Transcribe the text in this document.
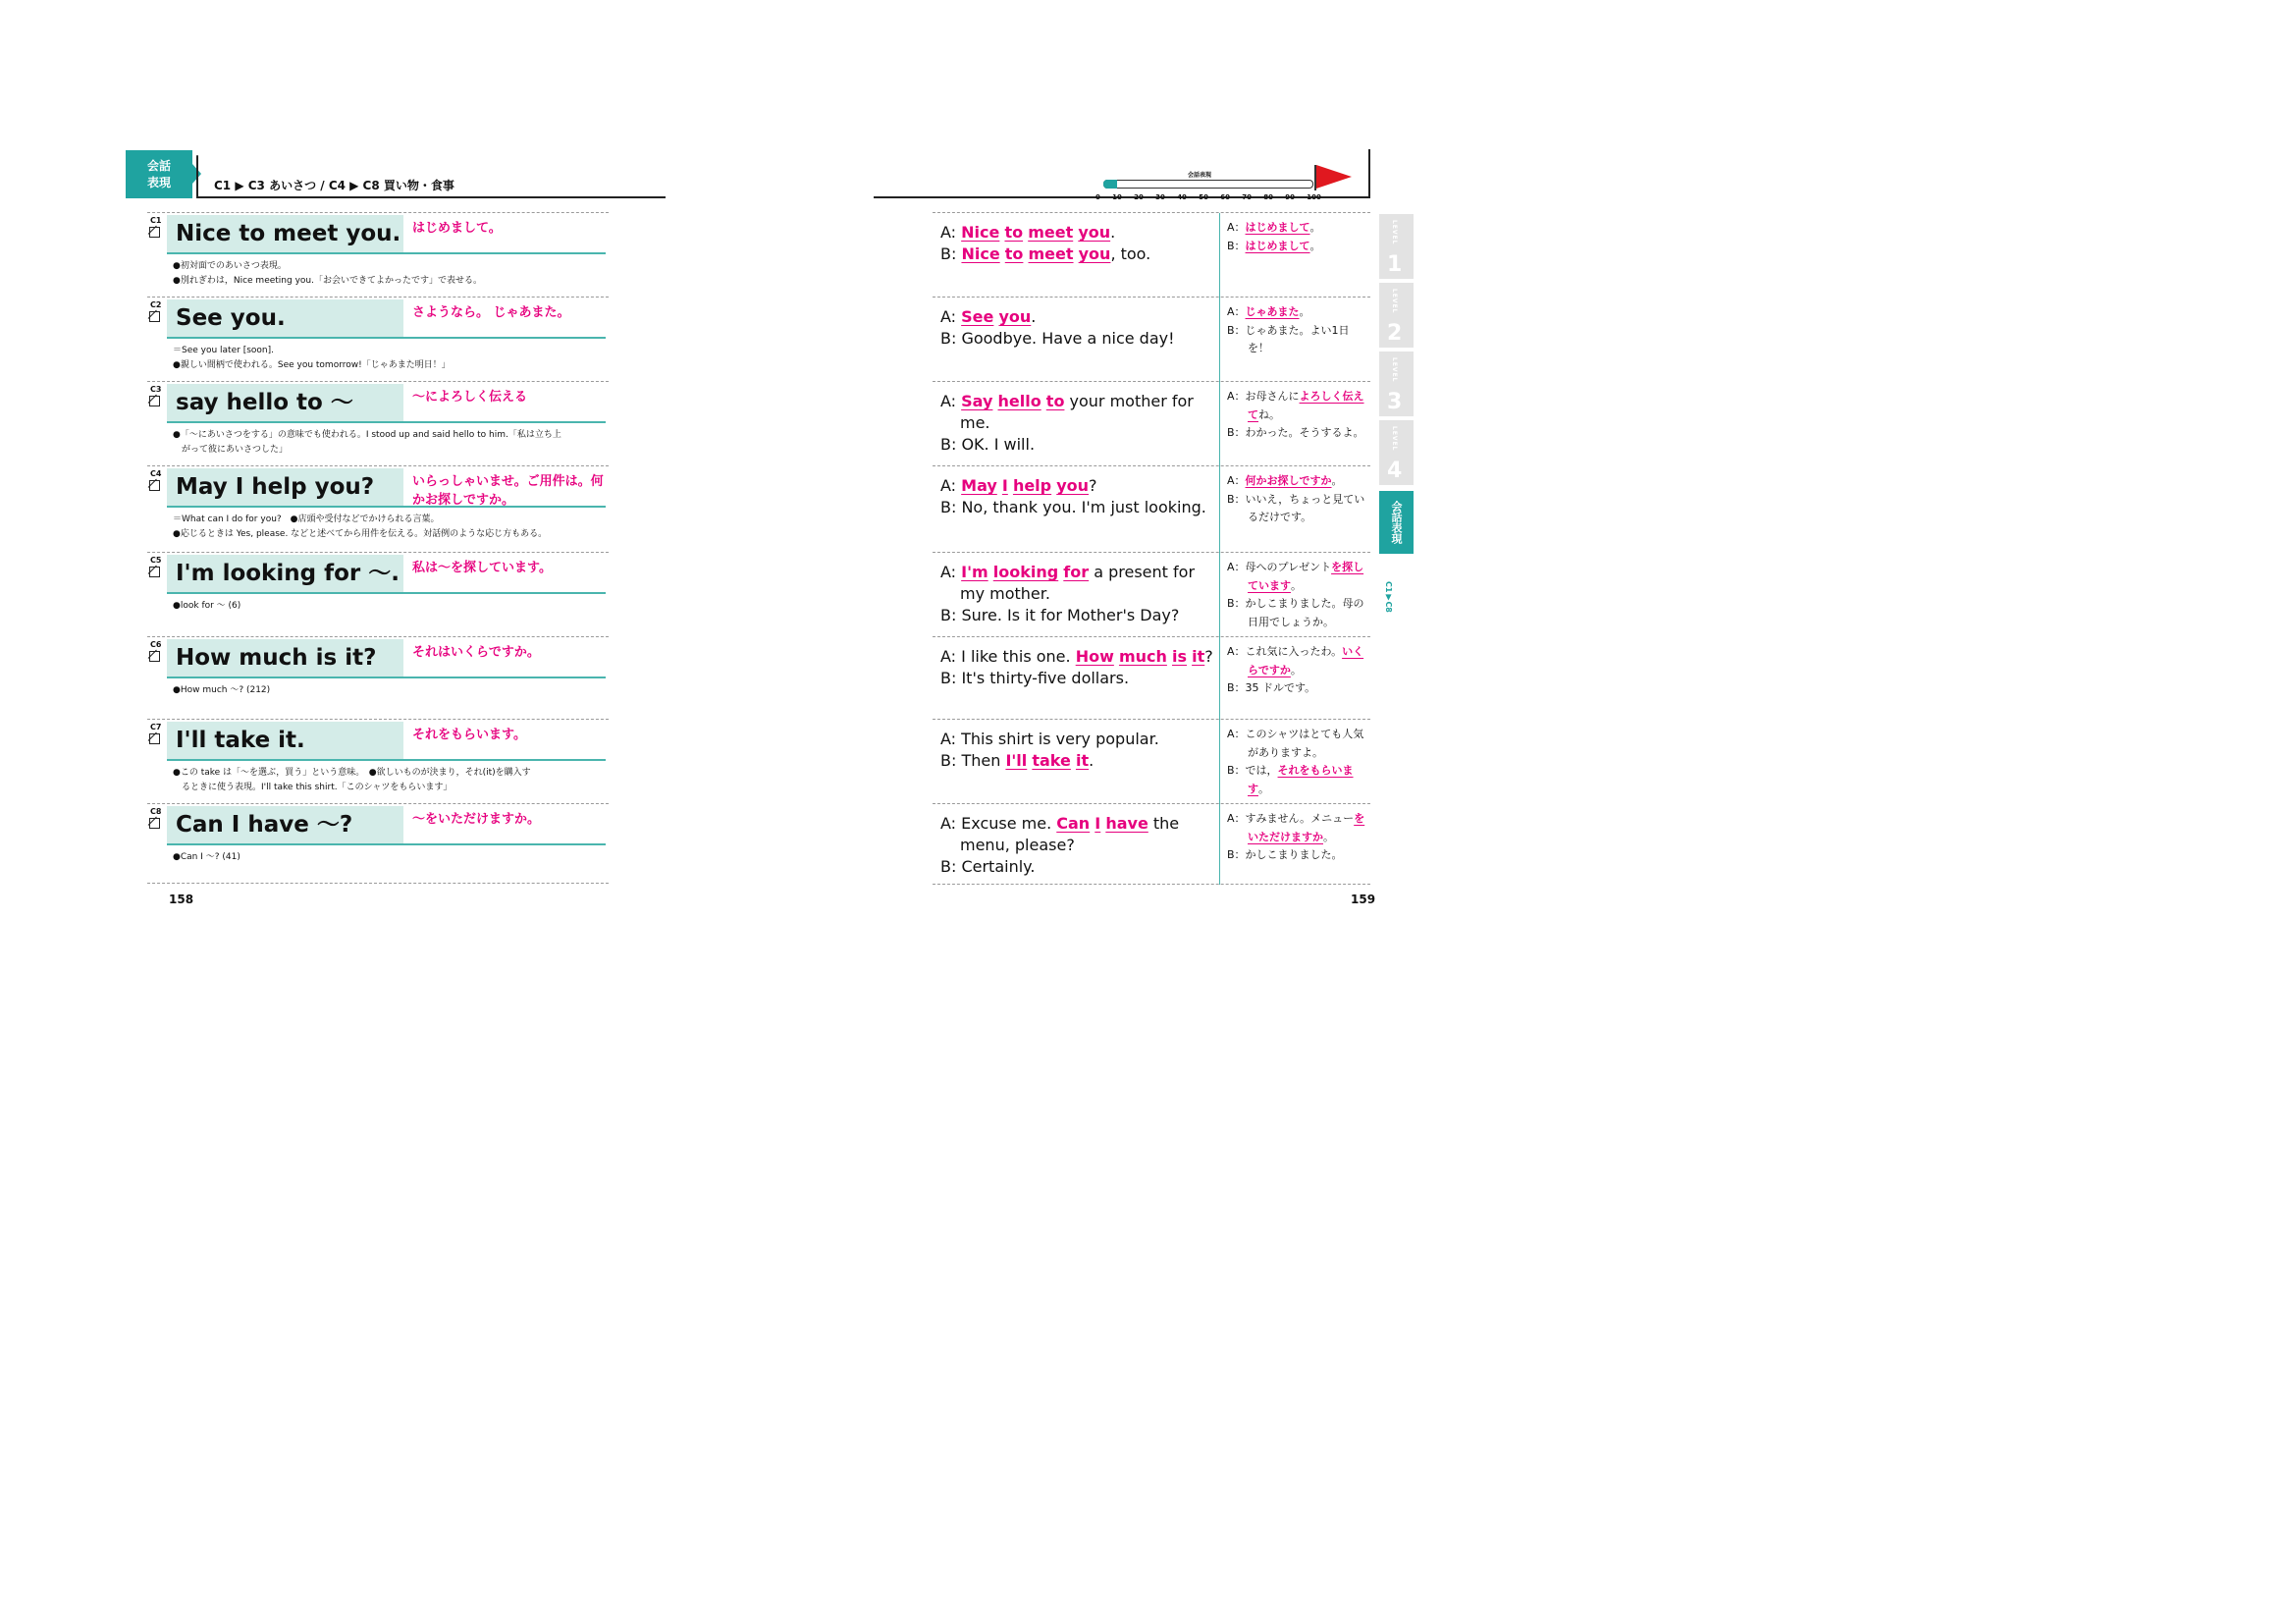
会話
表現	C1 ▶ C3 あいさつ / C4 ▶ C8 買い物・食事
会話表現
0 10 20 30 40 50 60 70 80 90 100
C1
Nice to meet you. はじめまして。
●初対面でのあいさつ表現。
●別れぎわは，Nice meeting you.「お会いできてよかったです」で表せる。
C2
See you.	さようなら。 じゃあまた。
＝See you later [soon].
●親しい間柄で使われる。See you tomorrow!「じゃあまた明日！」
C3
say hello to ～	～によろしく伝える
●「～にあいさつをする」の意味でも使われる。I stood up and said hello to him.「私は立ち上
　がって彼にあいさつした」
C4
May I help you?	いらっしゃいませ。ご用件は。何かお探しですか。
＝What can I do for you?　●店頭や受付などでかけられる言葉。
●応じるときは Yes, please. などと述べてから用件を伝える。対話例のような応じ方もある。
C5
I'm looking for ～.	私は～を探しています。
●look for ～ (6)
C6
How much is it?	それはいくらですか。
●How much ～? (212)
C7
I'll take it.	それをもらいます。
●この take は「～を選ぶ，買う」という意味。　●欲しいものが決まり，それ(it)を購入す
　るときに使う表現。I'll take this shirt.「このシャツをもらいます」
C8
Can I have ～?	～をいただけますか。
●Can I ～? (41)
158
A: Nice to meet you.
B: Nice to meet you, too.
A：はじめまして。
B：はじめまして。
A: See you.
B: Goodbye. Have a nice day!
A：じゃあまた。
B：じゃあまた。よい1日を！
A: Say hello to your mother for me.
B: OK. I will.
A：お母さんによろしく伝えてね。
B：わかった。そうするよ。
A: May I help you?
B: No, thank you. I'm just looking.
A：何かお探しですか。
B：いいえ，ちょっと見ているだけです。
A: I'm looking for a present for my mother.
B: Sure. Is it for Mother's Day?
A：母へのプレゼントを探しています。
B：かしこまりました。母の日用でしょうか。
A: I like this one. How much is it?
B: It's thirty-five dollars.
A：これ気に入ったわ。いくらですか。
B：35 ドルです。
A: This shirt is very popular.
B: Then I'll take it.
A：このシャツはとても人気がありますよ。
B：では，それをもらいます。
A: Excuse me. Can I have the menu, please?
B: Certainly.
A：すみません。メニューをいただけますか。
B：かしこまりました。
159
LEVEL
1
LEVEL
2
LEVEL
3
LEVEL
4
会話表現
C1▼C8
